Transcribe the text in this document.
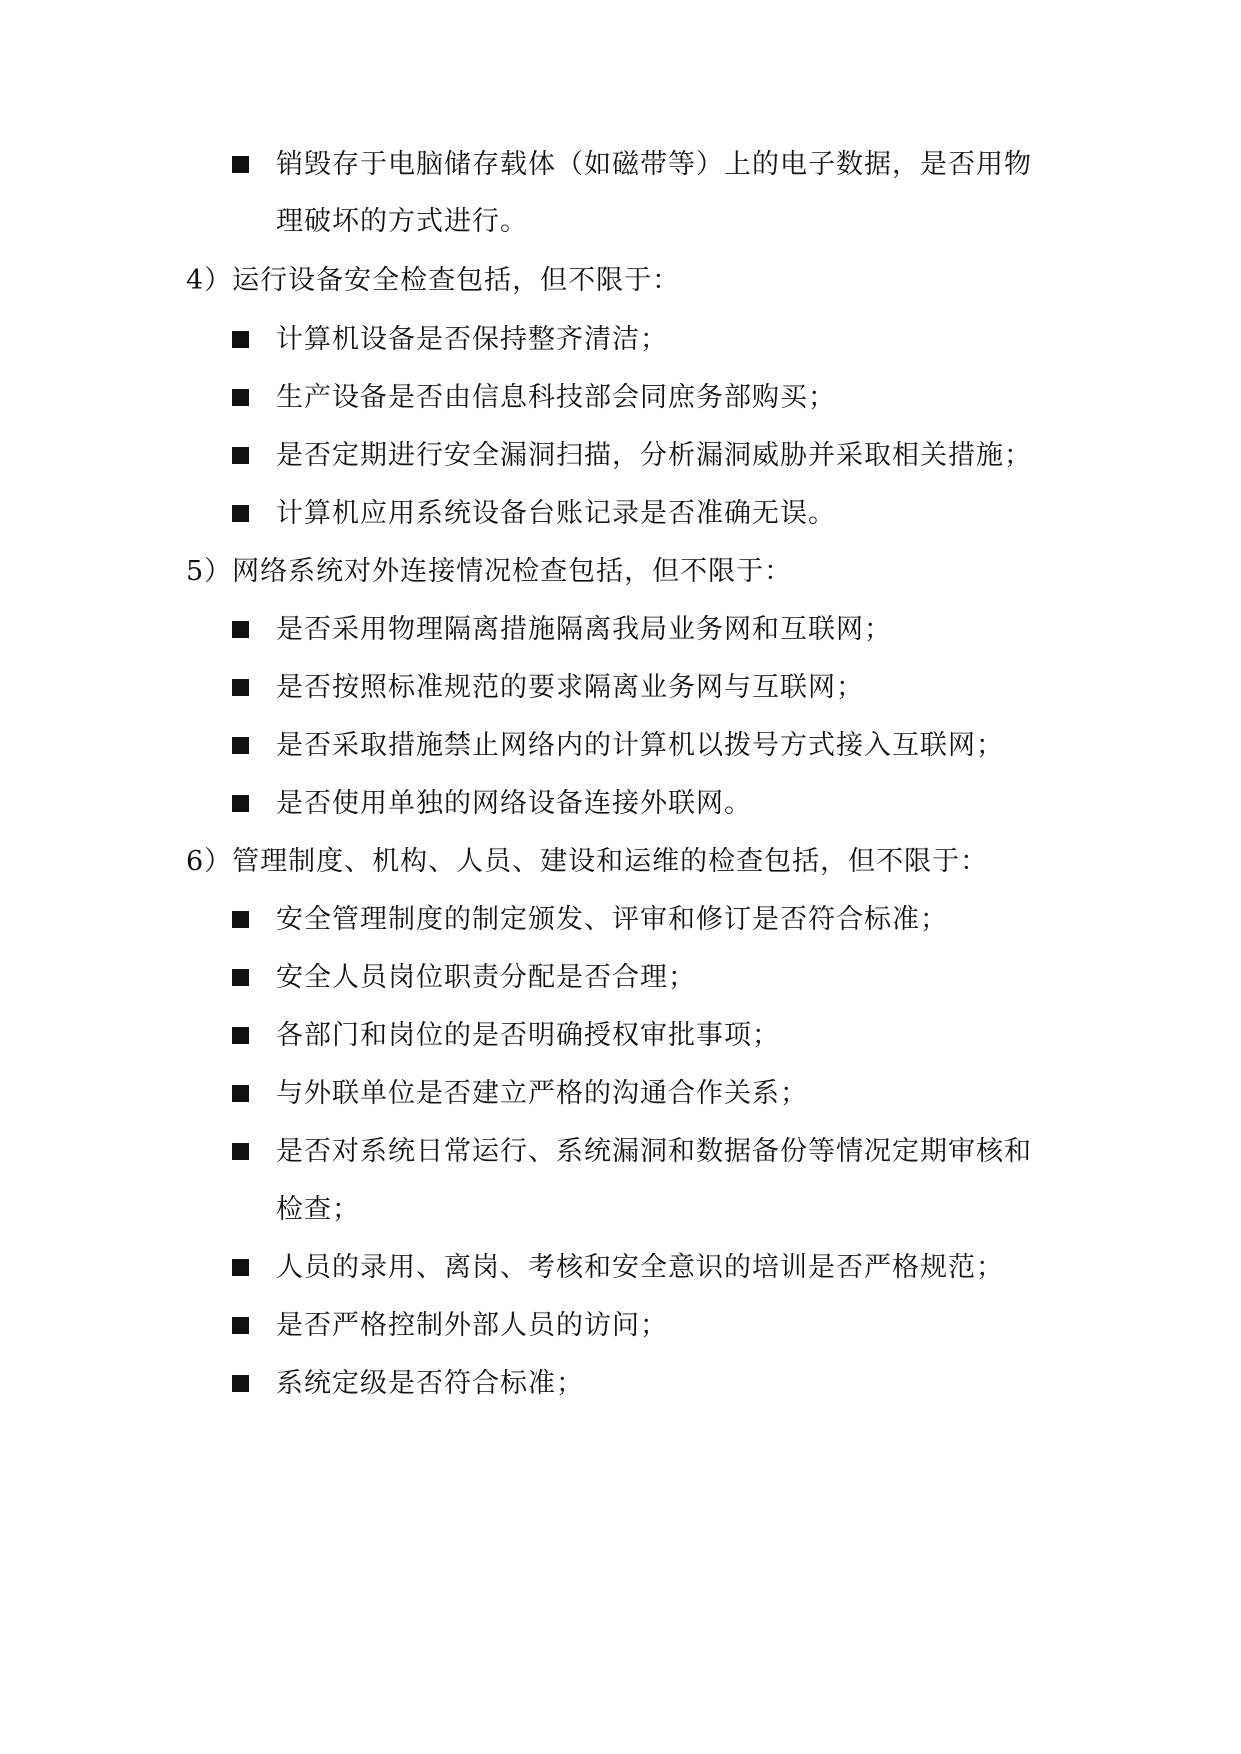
销毁存于电脑储存载体（如磁带等）上的电子数据，是否用物
理破坏的方式进行。
4）运行设备安全检查包括，但不限于：
计算机设备是否保持整齐清洁；
生产设备是否由信息科技部会同庶务部购买；
是否定期进行安全漏洞扫描，分析漏洞威胁并采取相关措施；
计算机应用系统设备台账记录是否准确无误。
5）网络系统对外连接情况检查包括，但不限于：
是否采用物理隔离措施隔离我局业务网和互联网；
是否按照标准规范的要求隔离业务网与互联网；
是否采取措施禁止网络内的计算机以拨号方式接入互联网；
是否使用单独的网络设备连接外联网。
6）管理制度、机构、人员、建设和运维的检查包括，但不限于：
安全管理制度的制定颁发、评审和修订是否符合标准；
安全人员岗位职责分配是否合理；
各部门和岗位的是否明确授权审批事项；
与外联单位是否建立严格的沟通合作关系；
是否对系统日常运行、系统漏洞和数据备份等情况定期审核和
检查；
人员的录用、离岗、考核和安全意识的培训是否严格规范；
是否严格控制外部人员的访问；
系统定级是否符合标准；
